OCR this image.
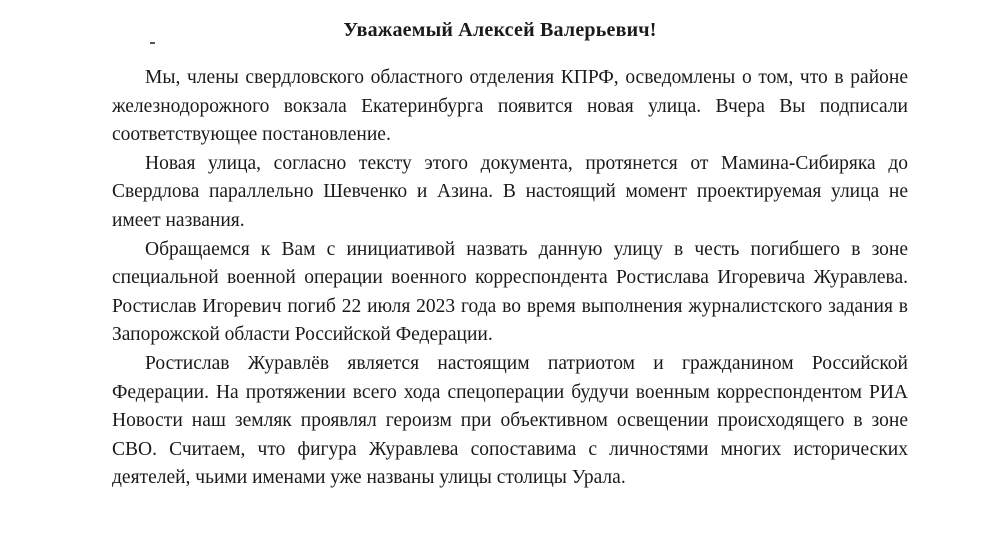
Уважаемый Алексей Валерьевич!

Мы, члены свердловского областного отделения КПРФ, осведомлены о том, что в районе железнодорожного вокзала Екатеринбурга появится новая улица. Вчера Вы подписали соответствующее постановление.

Новая улица, согласно тексту этого документа, протянется от Мамина-Сибиряка до Свердлова параллельно Шевченко и Азина. В настоящий момент проектируемая улица не имеет названия.

Обращаемся к Вам с инициативой назвать данную улицу в честь погибшего в зоне специальной военной операции военного корреспондента Ростислава Игоревича Журавлева. Ростислав Игоревич погиб 22 июля 2023 года во время выполнения журналистского задания в Запорожской области Российской Федерации.

Ростислав Журавлёв является настоящим патриотом и гражданином Российской Федерации. На протяжении всего хода спецоперации будучи военным корреспондентом РИА Новости наш земляк проявлял героизм при объективном освещении происходящего в зоне СВО. Считаем, что фигура Журавлева сопоставима с личностями многих исторических деятелей, чьими именами уже названы улицы столицы Урала.
